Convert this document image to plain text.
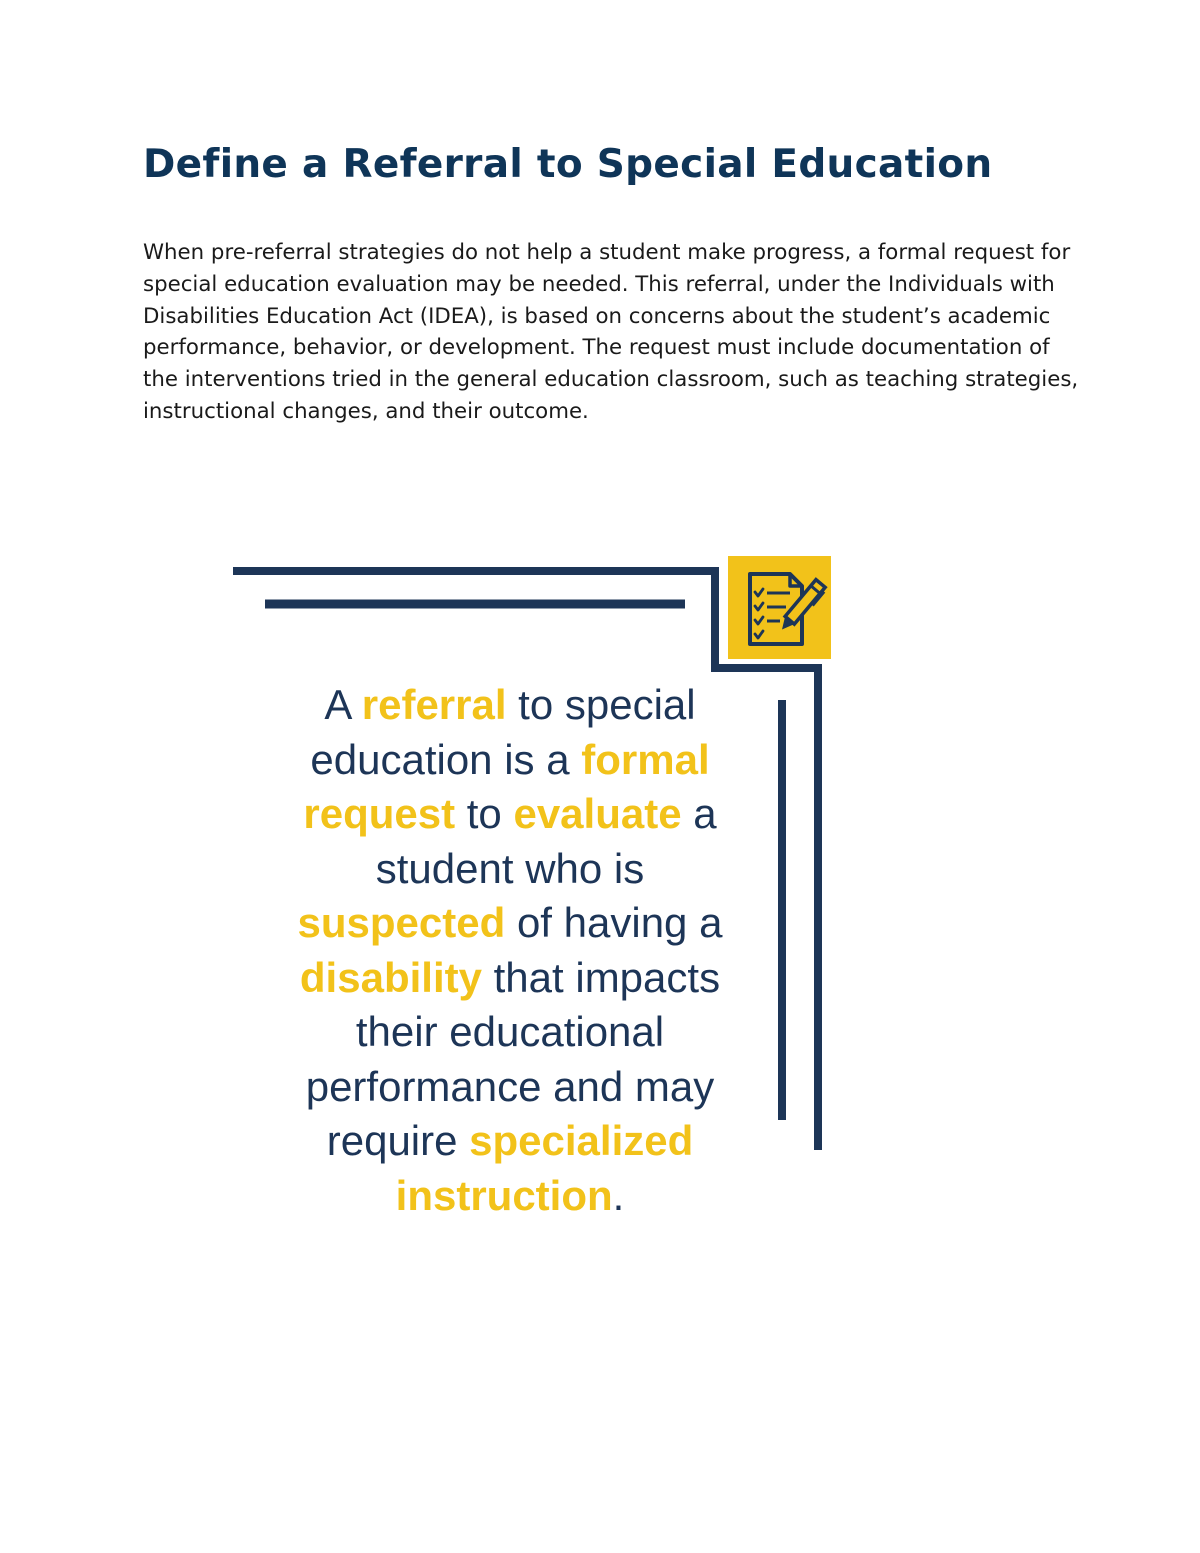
Define a Referral to Special Education

When pre-referral strategies do not help a student make progress, a formal request for special education evaluation may be needed. This referral, under the Individuals with Disabilities Education Act (IDEA), is based on concerns about the student’s academic performance, behavior, or development. The request must include documentation of the interventions tried in the general education classroom, such as teaching strategies, instructional changes, and their outcome.

A referral to special education is a formal request to evaluate a student who is suspected of having a disability that impacts their educational performance and may require specialized instruction.
